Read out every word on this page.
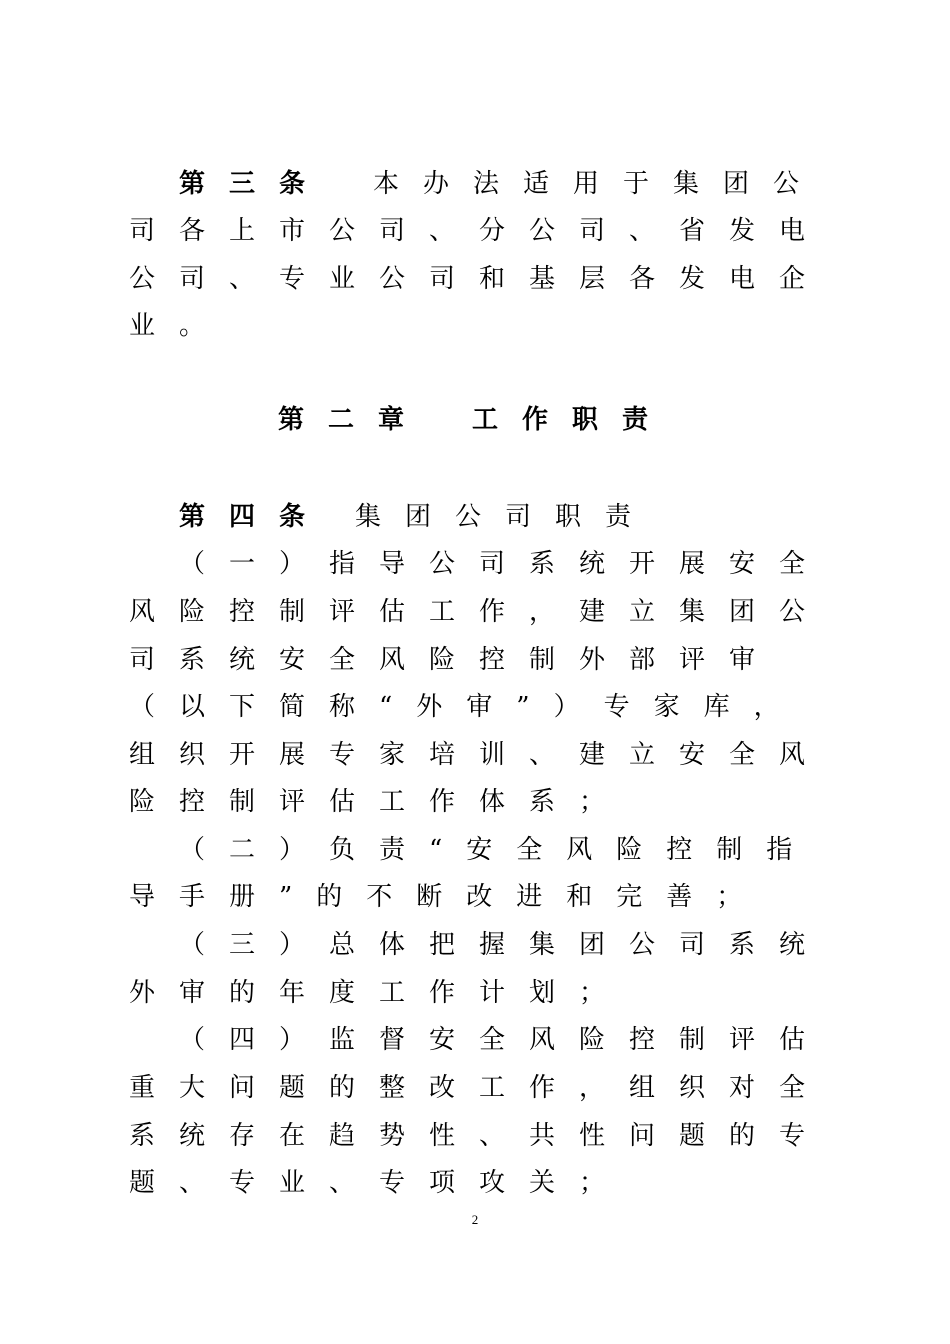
第三条 本办法适用于集团公
司各上市公司、分公司、省发电
公司、专业公司和基层各发电企
业。
第二章 工作职责
第四条 集团公司职责
（一）指导公司系统开展安全
风险控制评估工作，建立集团公
司系统安全风险控制外部评审
（以下简称“外审”）专家库，
组织开展专家培训、建立安全风
险控制评估工作体系；
（二）负责“安全风险控制指
导手册”的不断改进和完善；
（三）总体把握集团公司系统
外审的年度工作计划；
（四）监督安全风险控制评估
重大问题的整改工作，组织对全
系统存在趋势性、共性问题的专
题、专业、专项攻关；
2
